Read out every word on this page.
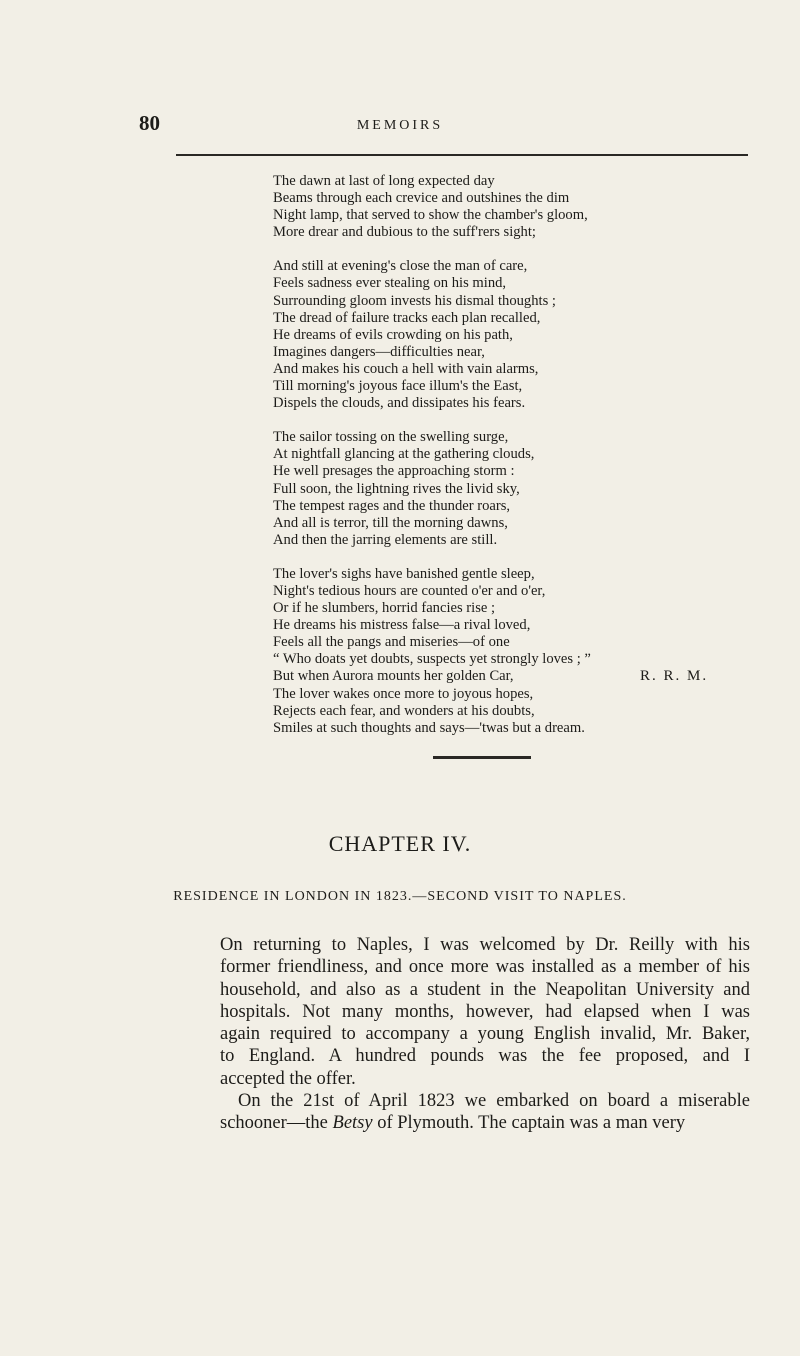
80	MEMOIRS
The dawn at last of long expected day
Beams through each crevice and outshines the dim
Night lamp, that served to show the chamber's gloom,
More drear and dubious to the suff'rers sight;
And still at evening's close the man of care,
Feels sadness ever stealing on his mind,
Surrounding gloom invests his dismal thoughts ;
The dread of failure tracks each plan recalled,
He dreams of evils crowding on his path,
Imagines dangers—difficulties near,
And makes his couch a hell with vain alarms,
Till morning's joyous face illum's the East,
Dispels the clouds, and dissipates his fears.
The sailor tossing on the swelling surge,
At nightfall glancing at the gathering clouds,
He well presages the approaching storm :
Full soon, the lightning rives the livid sky,
The tempest rages and the thunder roars,
And all is terror, till the morning dawns,
And then the jarring elements are still.
The lover's sighs have banished gentle sleep,
Night's tedious hours are counted o'er and o'er,
Or if he slumbers, horrid fancies rise ;
He dreams his mistress false—a rival loved,
Feels all the pangs and miseries—of one
“ Who doats yet doubts, suspects yet strongly loves ; ”
But when Aurora mounts her golden Car,
The lover wakes once more to joyous hopes,
Rejects each fear, and wonders at his doubts,
Smiles at such thoughts and says—'twas but a dream.
R. R. M.
CHAPTER IV.
RESIDENCE IN LONDON IN 1823.—SECOND VISIT TO NAPLES.
On returning to Naples, I was welcomed by Dr. Reilly with his
former friendliness, and once more was installed as a member of his
household, and also as a student in the Neapolitan University and
hospitals. Not many months, however, had elapsed when I was
again required to accompany a young English invalid, Mr. Baker,
to England. A hundred pounds was the fee proposed, and I
accepted the offer.
On the 21st of April 1823 we embarked on board a miserable
schooner—the Betsy of Plymouth. The captain was a man very
